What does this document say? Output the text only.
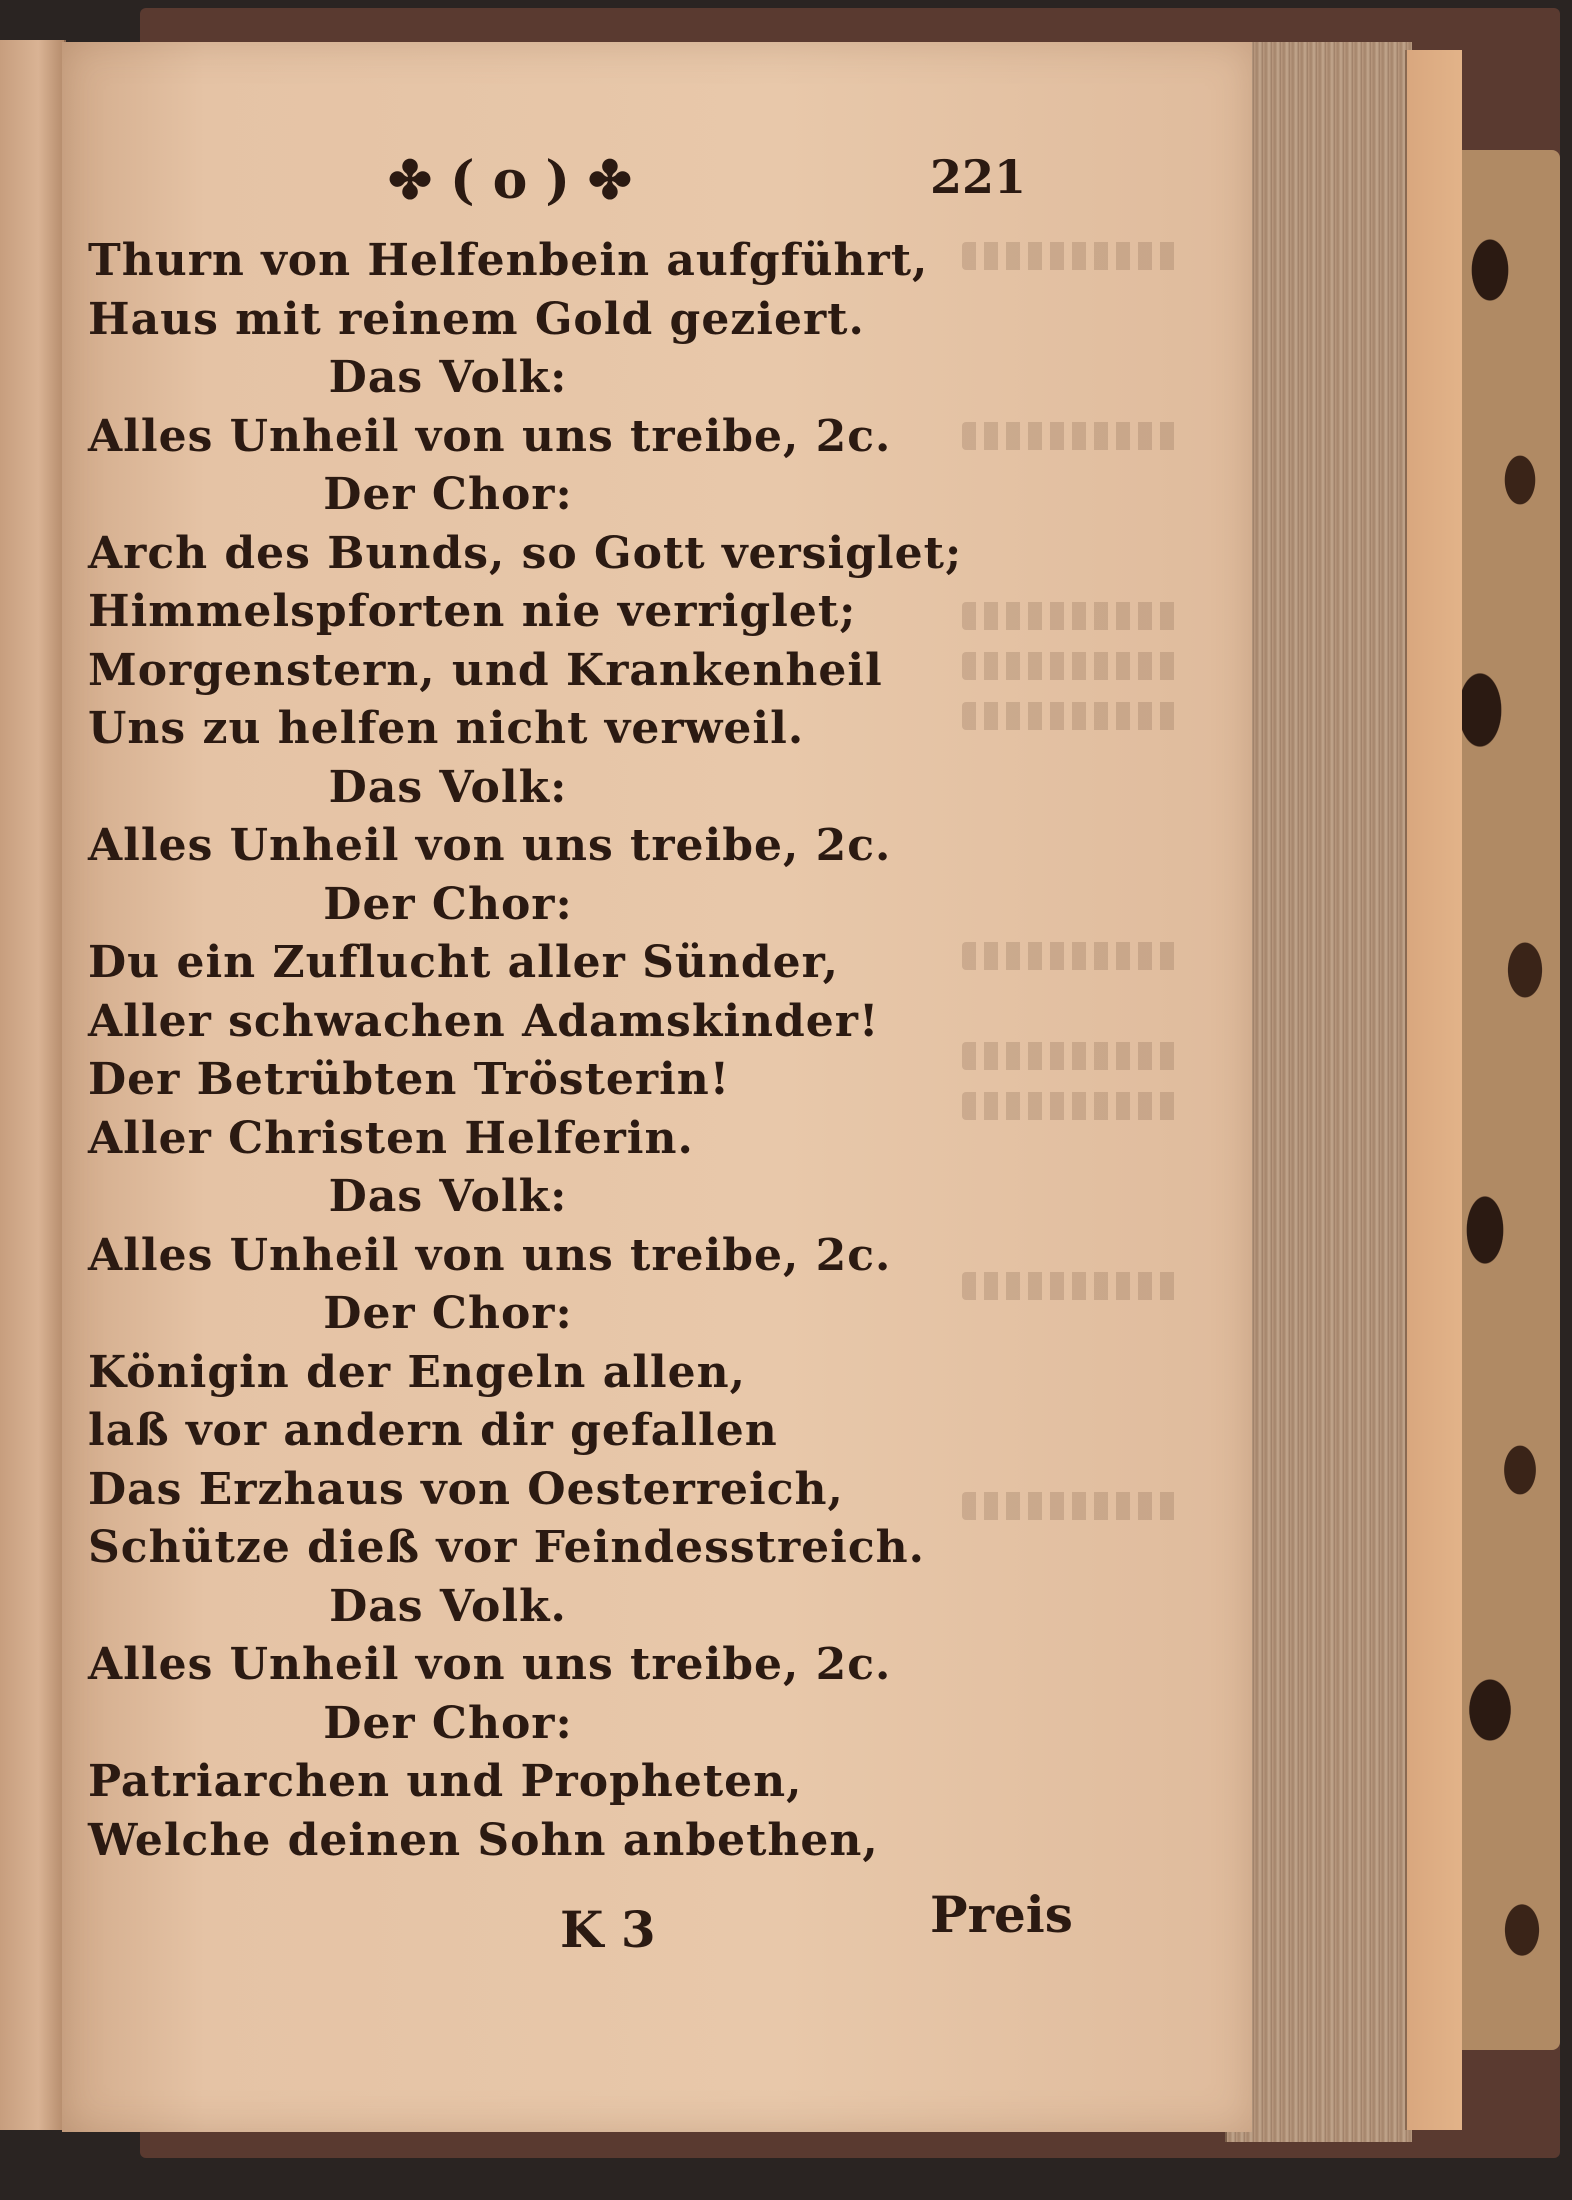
✤ ( o ) ✤	221
Thurn von Helfenbein aufgführt,
Haus mit reinem Gold geziert.
Das Volk:
Alles Unheil von uns treibe, 2c.
Der Chor:
Arch des Bunds, so Gott versiglet;
Himmelspforten nie verriglet;
Morgenstern, und Krankenheil
Uns zu helfen nicht verweil.
Das Volk:
Alles Unheil von uns treibe, 2c.
Der Chor:
Du ein Zuflucht aller Sünder,
Aller schwachen Adamskinder!
Der Betrübten Trösterin!
Aller Christen Helferin.
Das Volk:
Alles Unheil von uns treibe, 2c.
Der Chor:
Königin der Engeln allen,
laß vor andern dir gefallen
Das Erzhaus von Oesterreich,
Schütze dieß vor Feindesstreich.
Das Volk.
Alles Unheil von uns treibe, 2c.
Der Chor:
Patriarchen und Propheten,
Welche deinen Sohn anbethen,
K 3	Preis
